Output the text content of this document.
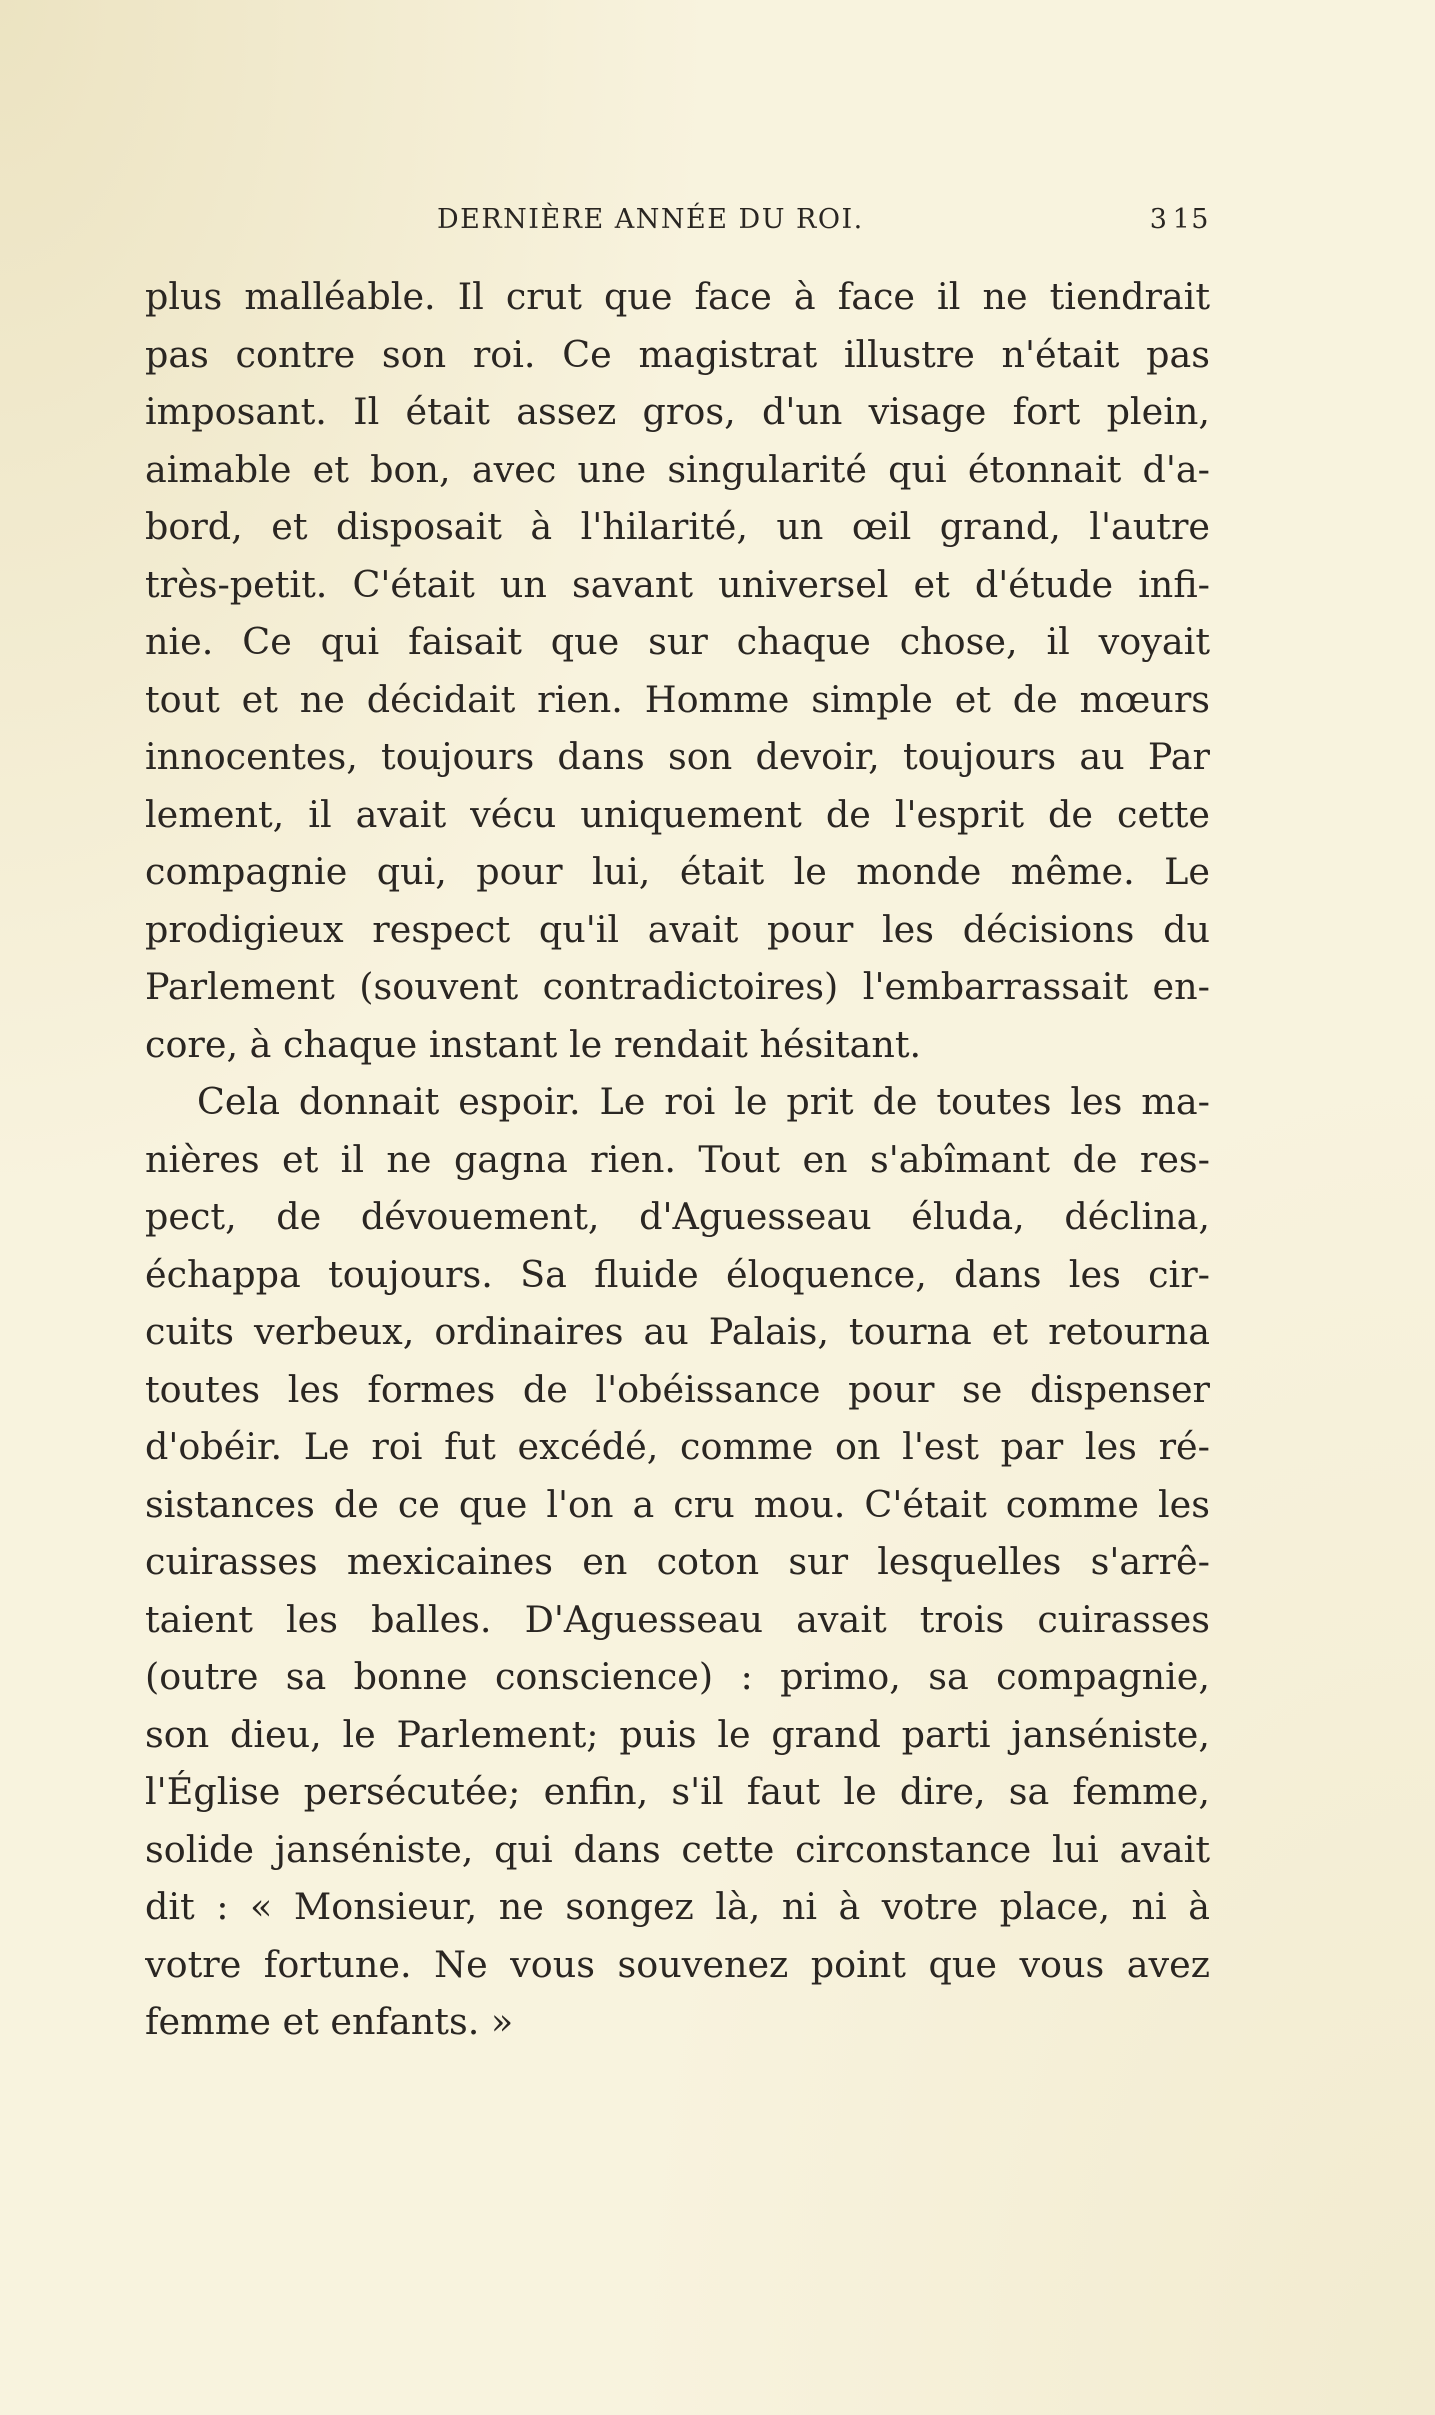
DERNIÈRE ANNÉE DU ROI.	3 15
plus malléable. Il crut que face à face il ne tiendrait
pas contre son roi. Ce magistrat illustre n'était pas
imposant. Il était assez gros, d'un visage fort plein,
aimable et bon, avec une singularité qui étonnait d'a-
bord, et disposait à l'hilarité, un œil grand, l'autre
très-petit. C'était un savant universel et d'étude infi-
nie. Ce qui faisait que sur chaque chose, il voyait
tout et ne décidait rien. Homme simple et de mœurs
innocentes, toujours dans son devoir, toujours au Par
lement, il avait vécu uniquement de l'esprit de cette
compagnie qui, pour lui, était le monde même. Le
prodigieux respect qu'il avait pour les décisions du
Parlement (souvent contradictoires) l'embarrassait en-
core, à chaque instant le rendait hésitant.
Cela donnait espoir. Le roi le prit de toutes les ma-
nières et il ne gagna rien. Tout en s'abîmant de res-
pect, de dévouement, d'Aguesseau éluda, déclina,
échappa toujours. Sa fluide éloquence, dans les cir-
cuits verbeux, ordinaires au Palais, tourna et retourna
toutes les formes de l'obéissance pour se dispenser
d'obéir. Le roi fut excédé, comme on l'est par les ré-
sistances de ce que l'on a cru mou. C'était comme les
cuirasses mexicaines en coton sur lesquelles s'arrê-
taient les balles. D'Aguesseau avait trois cuirasses
(outre sa bonne conscience) : primo, sa compagnie,
son dieu, le Parlement; puis le grand parti janséniste,
l'Église persécutée; enfin, s'il faut le dire, sa femme,
solide janséniste, qui dans cette circonstance lui avait
dit : « Monsieur, ne songez là, ni à votre place, ni à
votre fortune. Ne vous souvenez point que vous avez
femme et enfants. »
